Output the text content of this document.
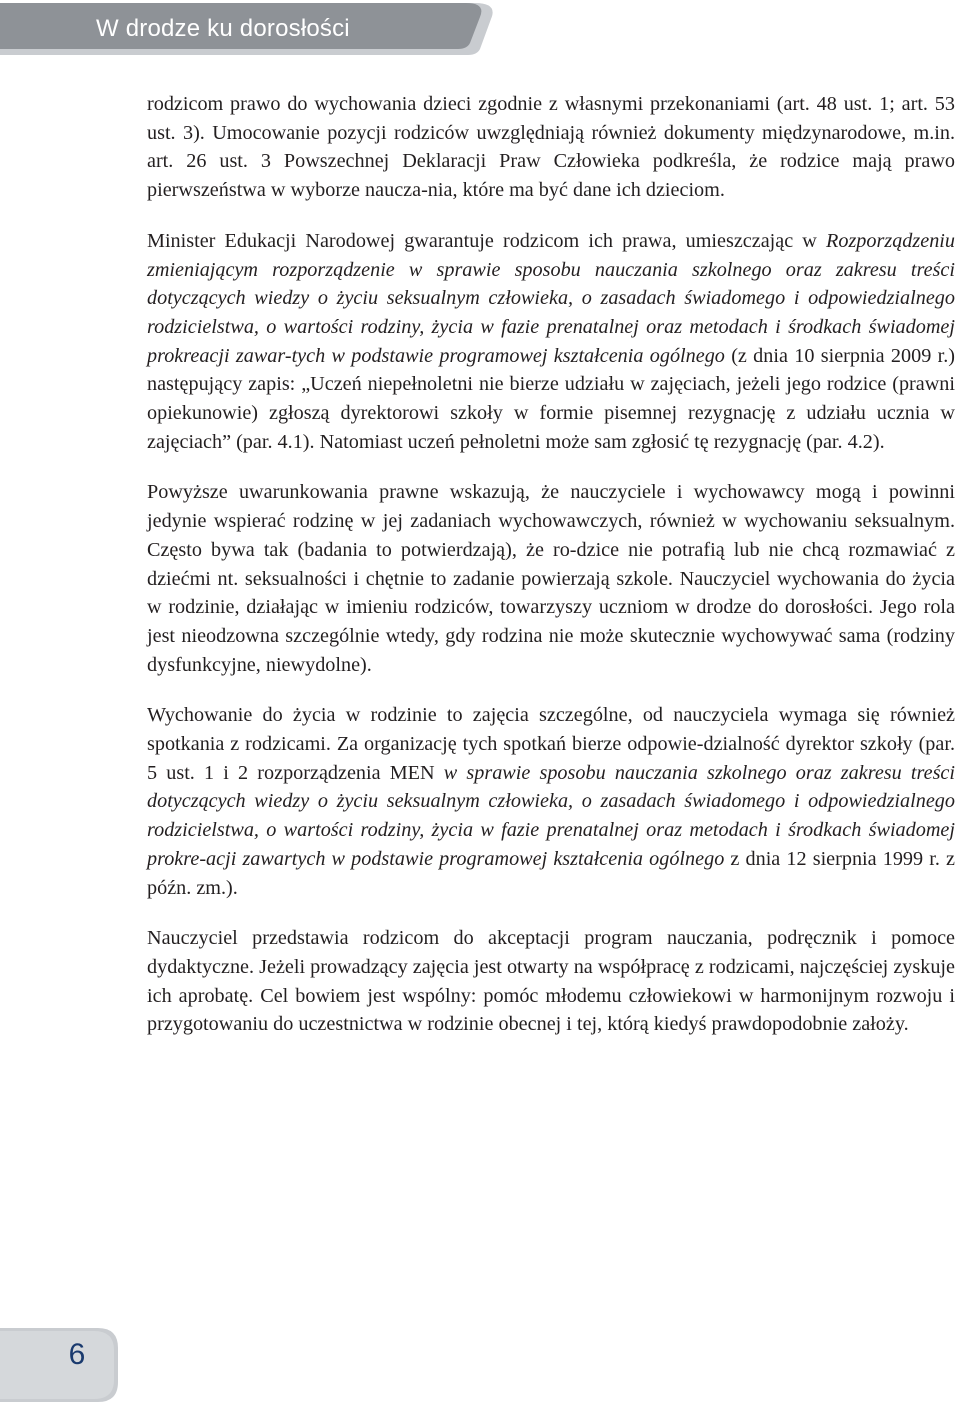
W drodze ku dorosłości

rodzicom prawo do wychowania dzieci zgodnie z własnymi przekonaniami (art. 48 ust. 1; art. 53 ust. 3). Umocowanie pozycji rodziców uwzględniają również dokumenty międzynarodowe, m.in. art. 26 ust. 3 Powszechnej Deklaracji Praw Człowieka podkreśla, że rodzice mają prawo pierwszeństwa w wyborze naucza-nia, które ma być dane ich dzieciom.

Minister Edukacji Narodowej gwarantuje rodzicom ich prawa, umieszczając w Rozporządzeniu zmieniającym rozporządzenie w sprawie sposobu nauczania szkolnego oraz zakresu treści dotyczących wiedzy o życiu seksualnym człowieka, o zasadach świadomego i odpowiedzialnego rodzicielstwa, o wartości rodziny, życia w fazie prenatalnej oraz metodach i środkach świadomej prokreacji zawar-tych w podstawie programowej kształcenia ogólnego (z dnia 10 sierpnia 2009 r.) następujący zapis: „Uczeń niepełnoletni nie bierze udziału w zajęciach, jeżeli jego rodzice (prawni opiekunowie) zgłoszą dyrektorowi szkoły w formie pisemnej rezygnację z udziału ucznia w zajęciach” (par. 4.1). Natomiast uczeń pełnoletni może sam zgłosić tę rezygnację (par. 4.2).

Powyższe uwarunkowania prawne wskazują, że nauczyciele i wychowawcy mogą i powinni jedynie wspierać rodzinę w jej zadaniach wychowawczych, również w wychowaniu seksualnym. Często bywa tak (badania to potwierdzają), że ro-dzice nie potrafią lub nie chcą rozmawiać z dziećmi nt. seksualności i chętnie to zadanie powierzają szkole. Nauczyciel wychowania do życia w rodzinie, działając w imieniu rodziców, towarzyszy uczniom w drodze do dorosłości. Jego rola jest nieodzowna szczególnie wtedy, gdy rodzina nie może skutecznie wychowywać sama (rodziny dysfunkcyjne, niewydolne).

Wychowanie do życia w rodzinie to zajęcia szczególne, od nauczyciela wymaga się również spotkania z rodzicami. Za organizację tych spotkań bierze odpowie-dzialność dyrektor szkoły (par. 5 ust. 1 i 2 rozporządzenia MEN w sprawie sposobu nauczania szkolnego oraz zakresu treści dotyczących wiedzy o życiu seksualnym człowieka, o zasadach świadomego i odpowiedzialnego rodzicielstwa, o wartości rodziny, życia w fazie prenatalnej oraz metodach i środkach świadomej prokre-acji zawartych w podstawie programowej kształcenia ogólnego z dnia 12 sierpnia 1999 r. z późn. zm.).

Nauczyciel przedstawia rodzicom do akceptacji program nauczania, podręcznik i pomoce dydaktyczne. Jeżeli prowadzący zajęcia jest otwarty na współpracę z rodzicami, najczęściej zyskuje ich aprobatę. Cel bowiem jest wspólny: pomóc młodemu człowiekowi w harmonijnym rozwoju i przygotowaniu do uczestnictwa w rodzinie obecnej i tej, którą kiedyś prawdopodobnie założy.

6
